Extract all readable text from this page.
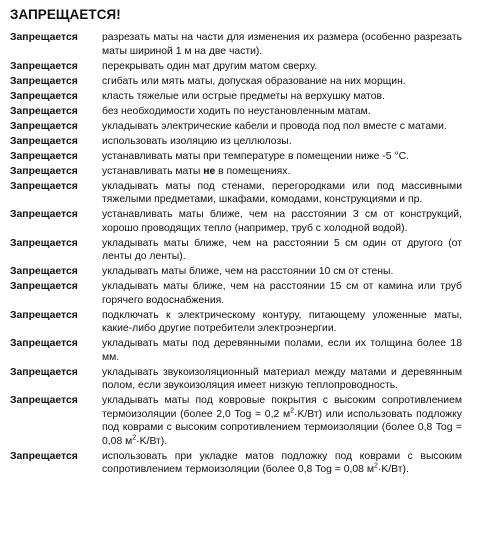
ЗАПРЕЩАЕТСЯ!
Запрещается	разрезать маты на части для изменения их размера (особенно разрезать маты шириной 1 м на две части).
Запрещается	перекрывать один мат другим матом сверху.
Запрещается	сгибать или мять маты, допуская образование на них морщин.
Запрещается	класть тяжелые или острые предметы на верхушку матов.
Запрещается	без необходимости ходить по неустановленным матам.
Запрещается	укладывать электрические кабели и провода под пол вместе с матами.
Запрещается	использовать изоляцию из целлюлозы.
Запрещается	устанавливать маты при температуре в помещении ниже -5 °С.
Запрещается	устанавливать маты не в помещениях.
Запрещается	укладывать маты под стенами, перегородками или под массивными тяжелыми предметами, шкафами, комодами, конструкциями и пр.
Запрещается	устанавливать маты ближе, чем на расстоянии 3 см от конструкций, хорошо проводящих тепло (например, труб с холодной водой).
Запрещается	укладывать маты ближе, чем на расстоянии 5 см один от другого (от ленты до ленты).
Запрещается	укладывать маты ближе, чем на расстоянии 10 см от стены.
Запрещается	укладывать маты ближе, чем на расстоянии 15 см от камина или труб горячего водоснабжения.
Запрещается	подключать к электрическому контуру, питающему уложенные маты, какие-либо другие потребители электроэнергии.
Запрещается	укладывать маты под деревянными полами, если их толщина более 18 мм.
Запрещается	укладывать звукоизоляционный материал между матами и деревянным полом, если звукоизоляция имеет низкую теплопроводность.
Запрещается	укладывать маты под ковровые покрытия с высоким сопротивлением термоизоляции (более 2,0 Tog = 0,2 $м^2\cdot K/Вт$) или использовать подложку под коврами с высоким сопротивлением термоизоляции (более 0,8 Tog = 0,08 $м^2\cdot K/Вт$).
Запрещается	использовать при укладке матов подложку под коврами с высоким сопротивлением термоизоляции (более 0,8 Tog = 0,08 $м^2\cdot K/Вт$).
